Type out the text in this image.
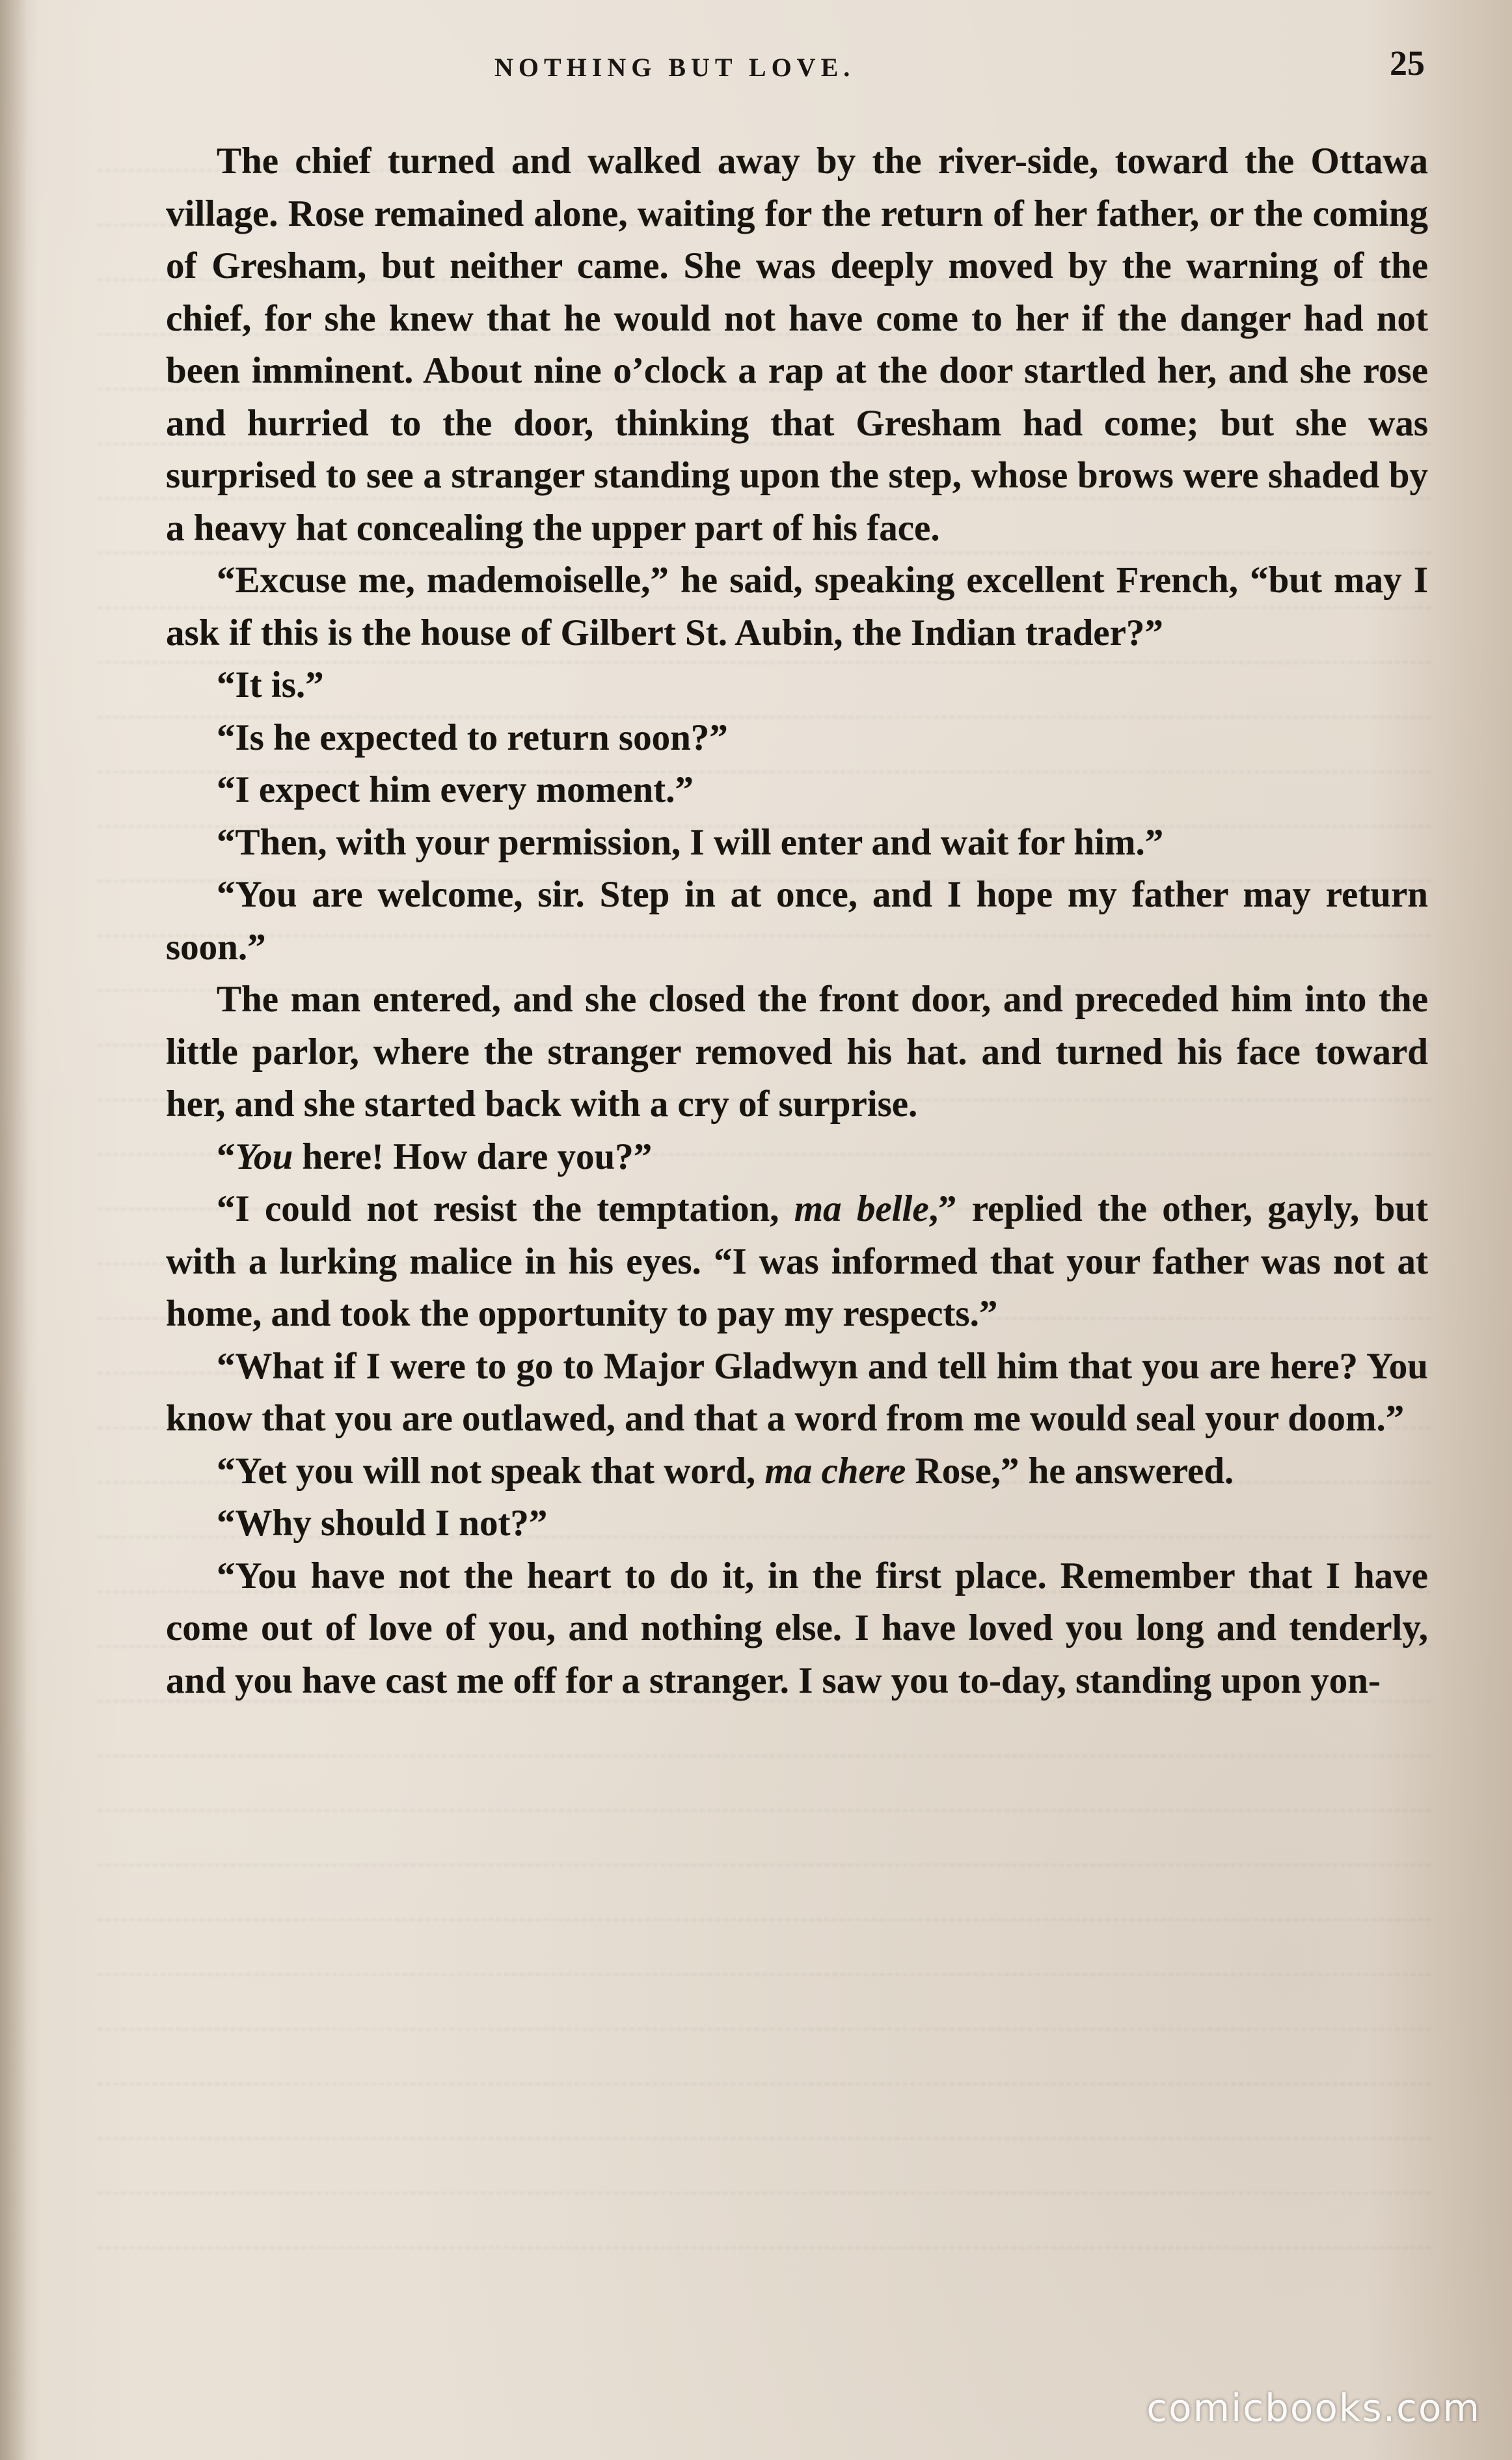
NOTHING BUT LOVE.	25

The chief turned and walked away by the river-side, toward the Ottawa village. Rose remained alone, waiting for the return of her father, or the coming of Gresham, but neither came. She was deeply moved by the warning of the chief, for she knew that he would not have come to her if the danger had not been imminent. About nine o’clock a rap at the door startled her, and she rose and hurried to the door, thinking that Gresham had come; but she was surprised to see a stranger standing upon the step, whose brows were shaded by a heavy hat concealing the upper part of his face.

“Excuse me, mademoiselle,” he said, speaking excellent French, “but may I ask if this is the house of Gilbert St. Aubin, the Indian trader?”

“It is.”

“Is he expected to return soon?”

“I expect him every moment.”

“Then, with your permission, I will enter and wait for him.”

“You are welcome, sir. Step in at once, and I hope my father may return soon.”

The man entered, and she closed the front door, and preceded him into the little parlor, where the stranger removed his hat. and turned his face toward her, and she started back with a cry of surprise.

“You here! How dare you?”

“I could not resist the temptation, ma belle,” replied the other, gayly, but with a lurking malice in his eyes. “I was informed that your father was not at home, and took the opportunity to pay my respects.”

“What if I were to go to Major Gladwyn and tell him that you are here? You know that you are outlawed, and that a word from me would seal your doom.”

“Yet you will not speak that word, ma chere Rose,” he answered.

“Why should I not?”

“You have not the heart to do it, in the first place. Remember that I have come out of love of you, and nothing else. I have loved you long and tenderly, and you have cast me off for a stranger. I saw you to-day, standing upon yon-

comicbooks.com
